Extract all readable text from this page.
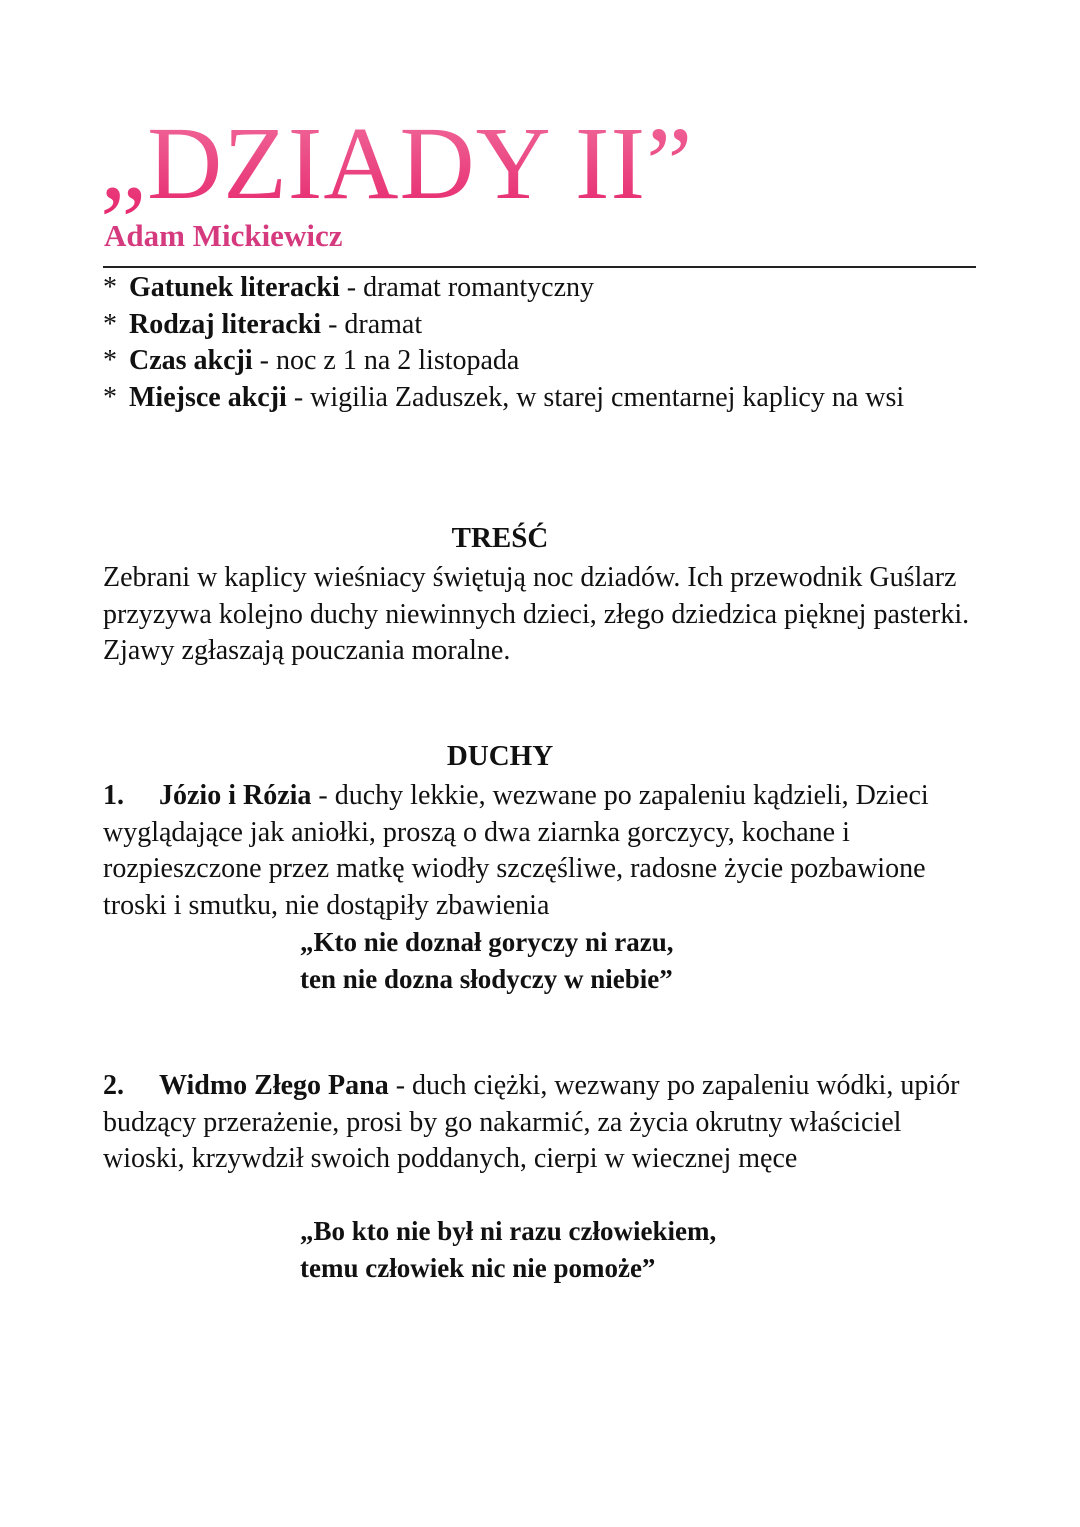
„DZIADY II”
Adam Mickiewicz
* Gatunek literacki - dramat romantyczny
* Rodzaj literacki - dramat
* Czas akcji - noc z 1 na 2 listopada
* Miejsce akcji - wigilia Zaduszek, w starej cmentarnej kaplicy na wsi
TREŚĆ
Zebrani w kaplicy wieśniacy świętują noc dziadów. Ich przewodnik Guślarz przyzywa kolejno duchy niewinnych dzieci, złego dziedzica pięknej pasterki. Zjawy zgłaszają pouczania moralne.
DUCHY
1. Józio i Rózia - duchy lekkie, wezwane po zapaleniu kądzieli, Dzieci wyglądające jak aniołki, proszą o dwa ziarnka gorczycy, kochane i rozpieszczone przez matkę wiodły szczęśliwe, radosne życie pozbawione troski i smutku, nie dostąpiły zbawienia
„Kto nie doznał goryczy ni razu,
ten nie dozna słodyczy w niebie”
2. Widmo Złego Pana - duch ciężki, wezwany po zapaleniu wódki, upiór budzący przerażenie, prosi by go nakarmić, za życia okrutny właściciel wioski, krzywdził swoich poddanych, cierpi w wiecznej męce
„Bo kto nie był ni razu człowiekiem,
temu człowiek nic nie pomoże”
